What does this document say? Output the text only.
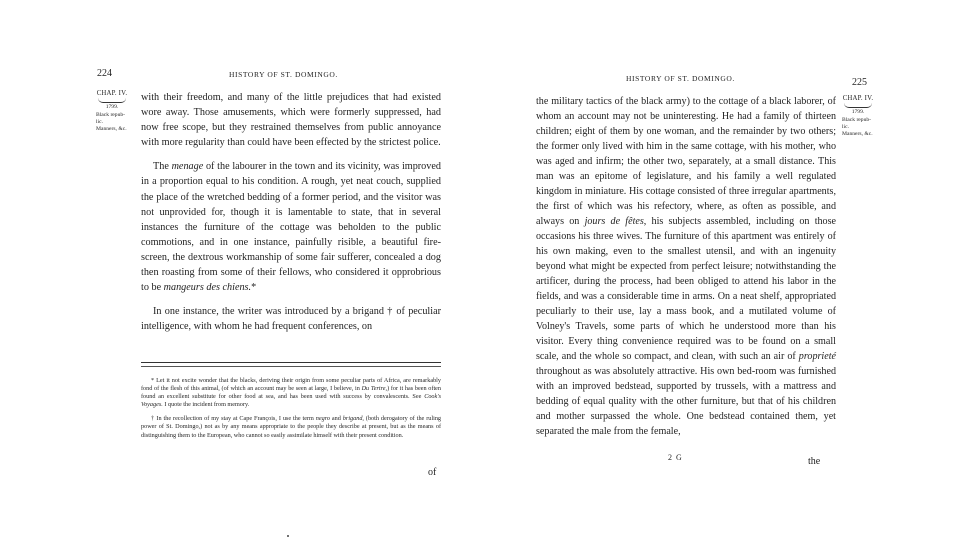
224	HISTORY OF ST. DOMINGO.
CHAP. IV.
1799.
Black repub-lic.
Manners, &c.

with their freedom, and many of the little prejudices that had existed wore away. Those amusements, which were formerly suppressed, had now free scope, but they restrained themselves from public annoyance with more regularity than could have been effected by the strictest police.

The menage of the labourer in the town and its vicinity, was improved in a proportion equal to his condition. A rough, yet neat couch, supplied the place of the wretched bedding of a former period, and the visitor was not unprovided for, though it is lamentable to state, that in several instances the furniture of the cottage was beholden to the public commotions, and in one instance, painfully risible, a beautiful fire-screen, the dextrous workmanship of some fair sufferer, concealed a dog then roasting from some of their fellows, who considered it opprobrious to be mangeurs des chiens.*

In one instance, the writer was introduced by a brigand † of peculiar intelligence, with whom he had frequent conferences, on

* Let it not excite wonder that the blacks, deriving their origin from some peculiar parts of Africa, are remarkably fond of the flesh of this animal, (of which an account may be seen at large, I believe, in Du Tertre,) for it has been often found an excellent substitute for other food at sea, and has been used with success by convalescents. See Cook's Voyages. I quote the incident from memory.

† In the recollection of my stay at Cape François, I use the term negro and brigand, (both derogatory of the ruling power of St. Domingo,) not as by any means appropriate to the people they describe at present, but as the means of distinguishing them to the European, who cannot so easily assimilate himself with their present condition.

of
HISTORY OF ST. DOMINGO.	225
CHAP. IV.
1799.
Black repub-lic.
Manners, &c.

the military tactics of the black army) to the cottage of a black laborer, of whom an account may not be uninteresting. He had a family of thirteen children; eight of them by one woman, and the remainder by two others; the former only lived with him in the same cottage, with his mother, who was aged and infirm; the other two, separately, at a small distance. This man was an epitome of legislature, and his family a well regulated kingdom in miniature. His cottage consisted of three irregular apartments, the first of which was his refectory, where, as often as possible, and always on jours de fêtes, his subjects assembled, including on those occasions his three wives. The furniture of this apartment was entirely of his own making, even to the smallest utensil, and with an ingenuity beyond what might be expected from perfect leisure; notwithstanding the artificer, during the process, had been obliged to attend his labor in the fields, and was a considerable time in arms. On a neat shelf, appropriated peculiarly to their use, lay a mass book, and a mutilated volume of Volney's Travels, some parts of which he understood more than his visitor. Every thing convenience required was to be found on a small scale, and the whole so compact, and clean, with such an air of proprieté throughout as was absolutely attractive. His own bed-room was furnished with an improved bedstead, supported by trussels, with a mattress and bedding of equal quality with the other furniture, but that of his children and mother surpassed the whole. One bedstead contained them, yet separated the male from the female,

2 G	the
